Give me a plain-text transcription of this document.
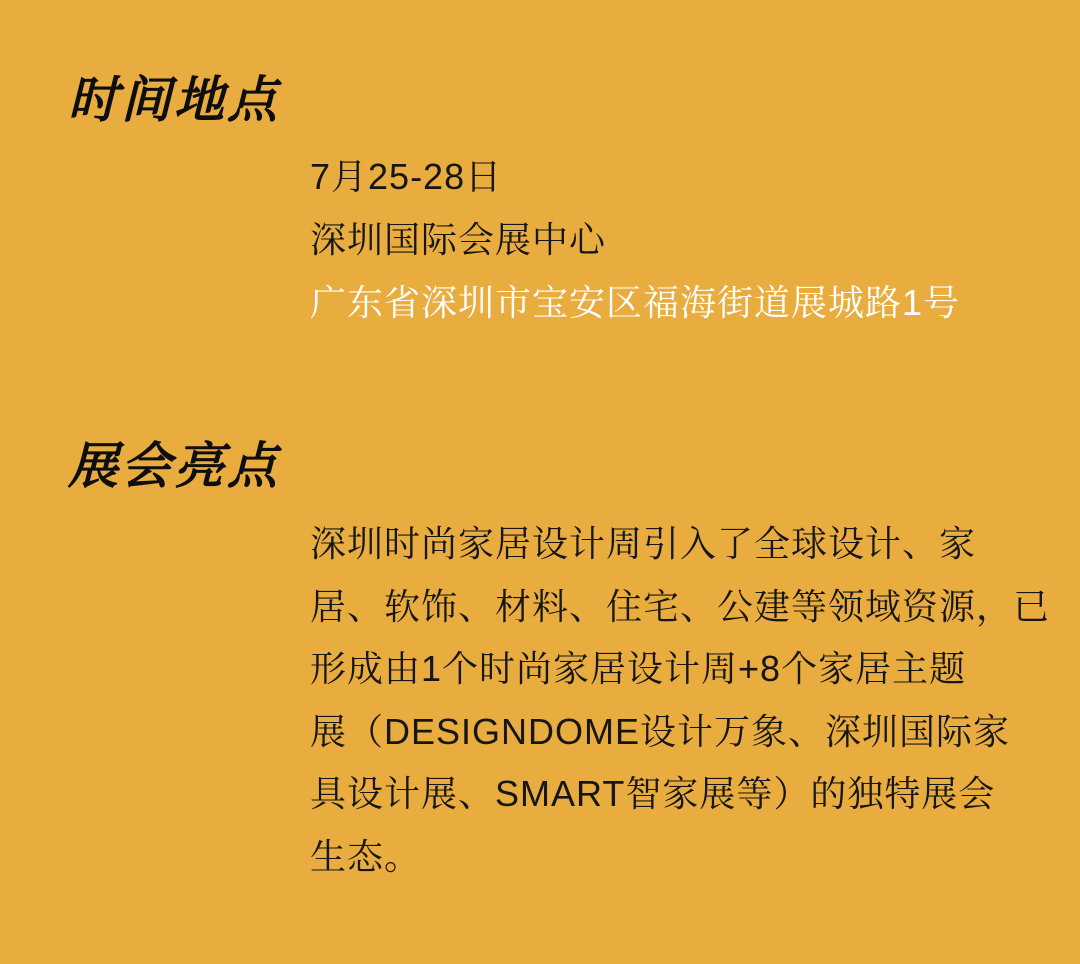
时间地点
7月25-28日
深圳国际会展中心
广东省深圳市宝安区福海街道展城路1号
展会亮点
深圳时尚家居设计周引入了全球设计、家
居、软饰、材料、住宅、公建等领域资源，已
形成由1个时尚家居设计周+8个家居主题
展（DESIGNDOME设计万象、深圳国际家
具设计展、SMART智家展等）的独特展会
生态。
